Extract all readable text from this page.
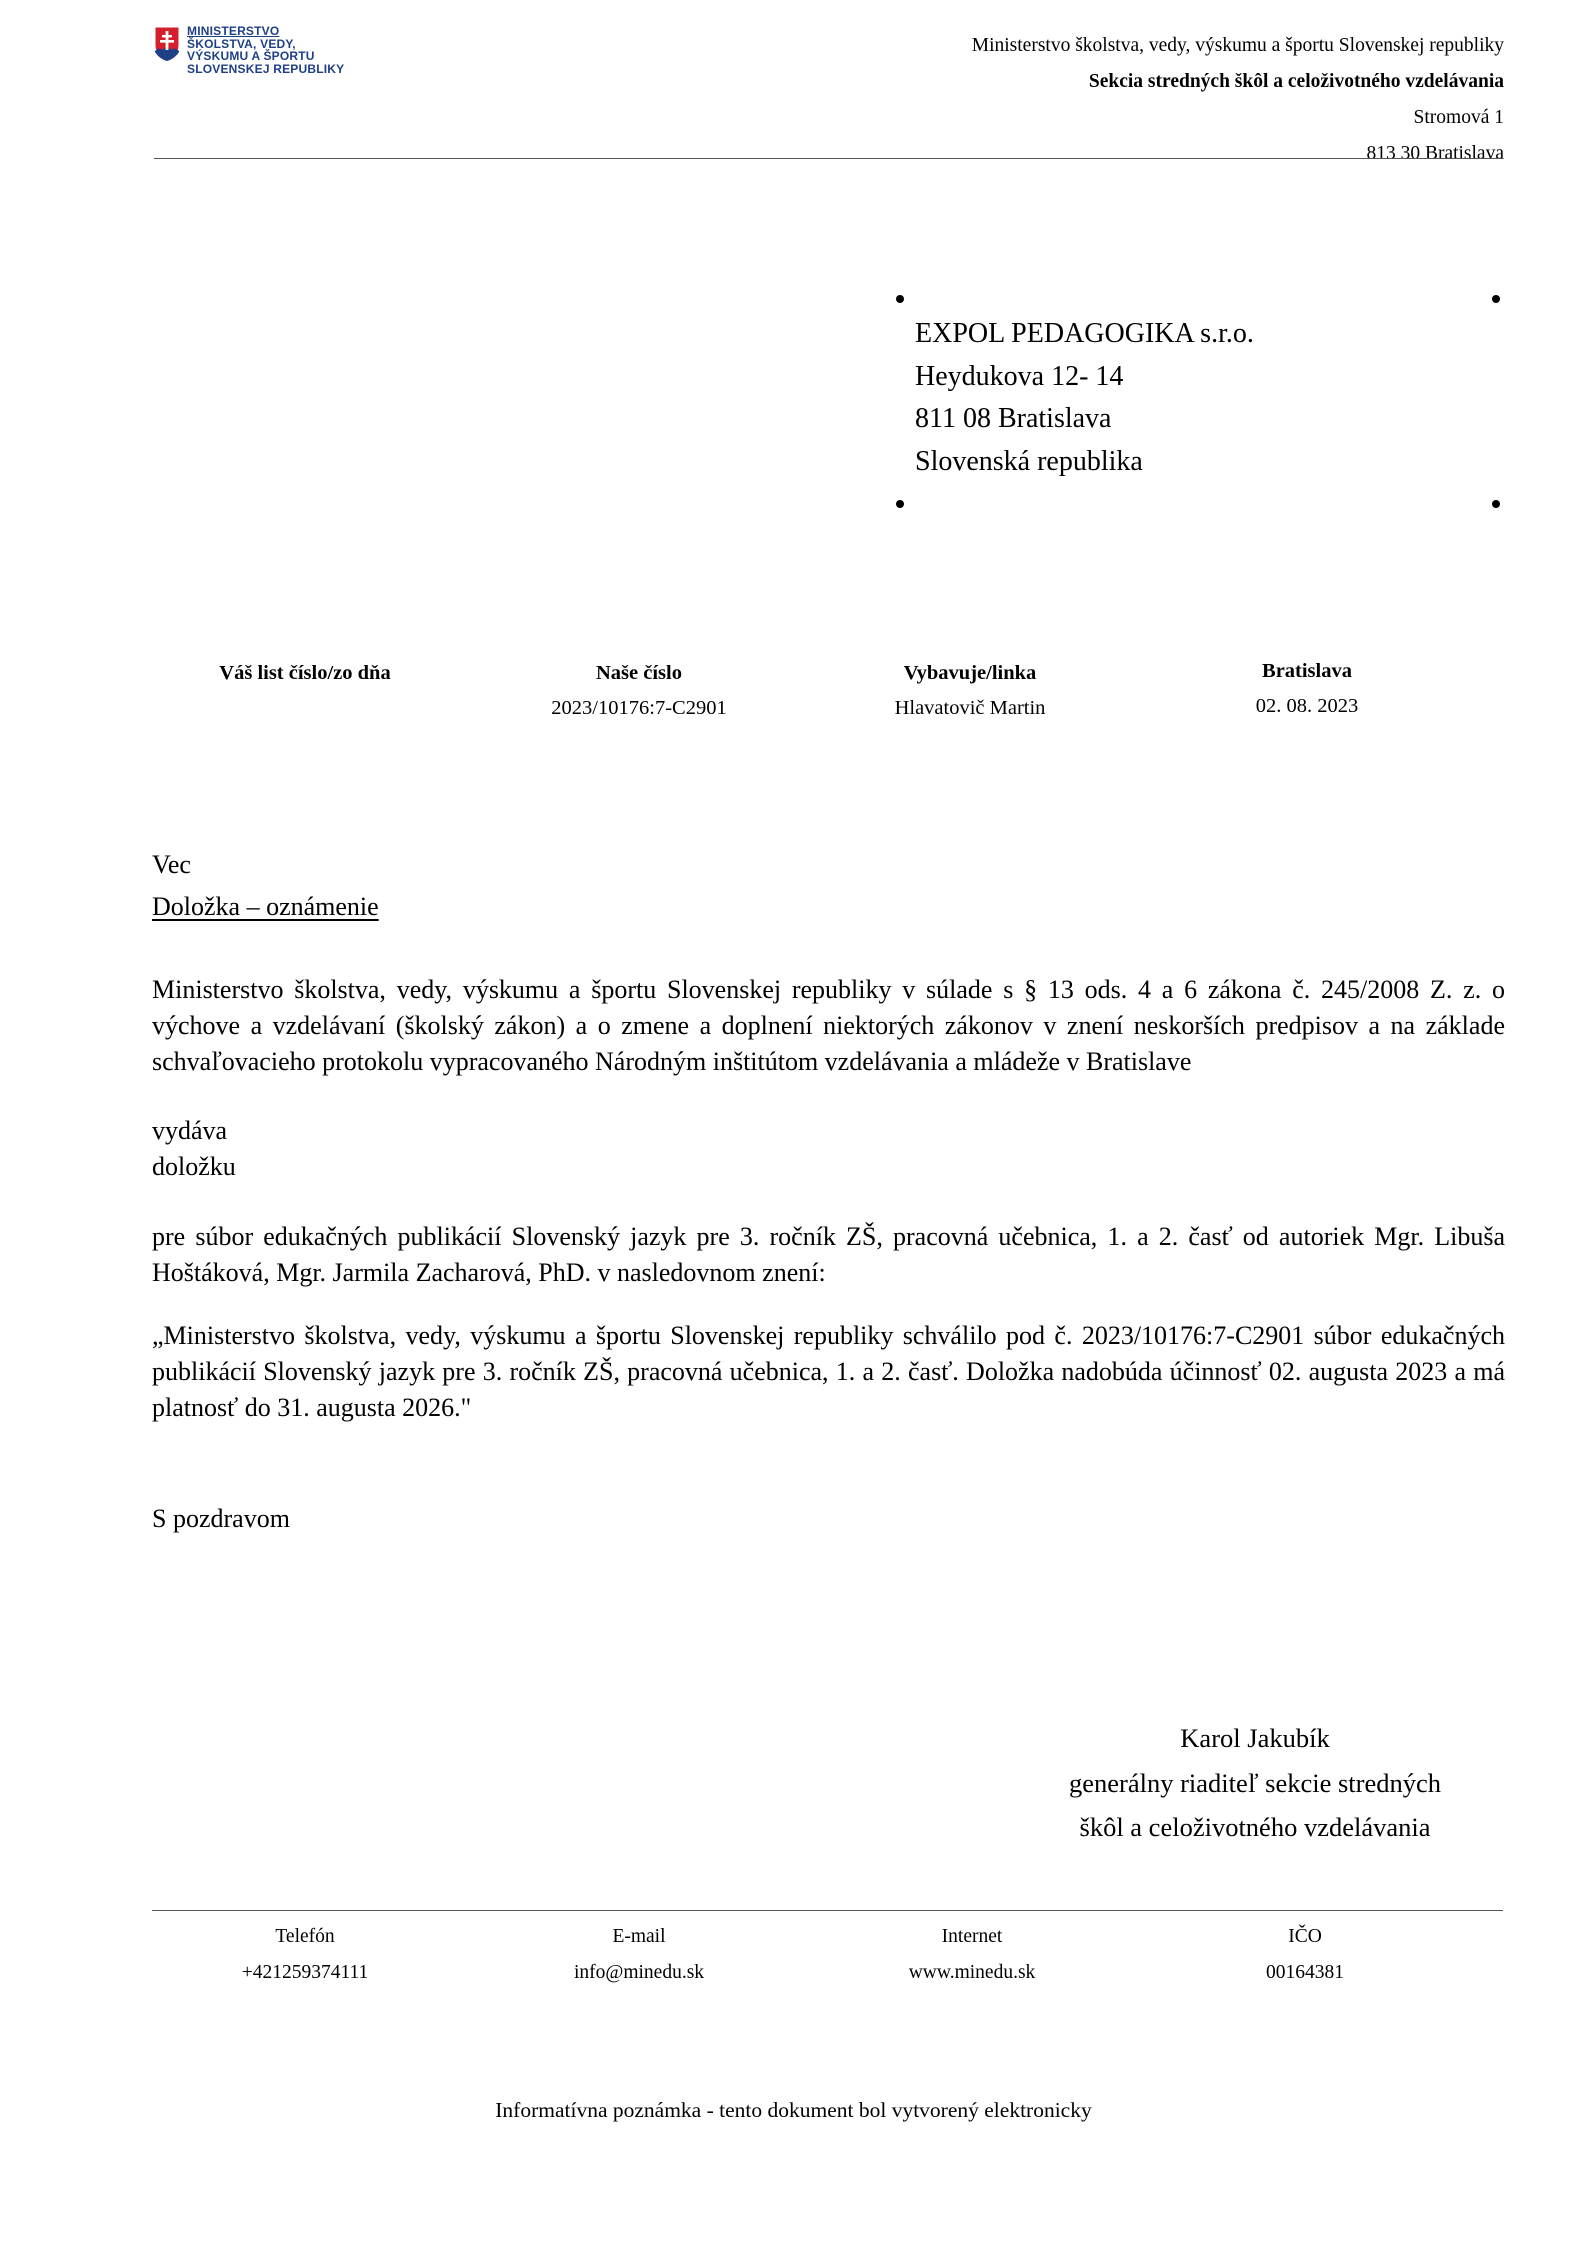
MINISTERSTVO
ŠKOLSTVA, VEDY,
VÝSKUMU A ŠPORTU
SLOVENSKEJ REPUBLIKY
Ministerstvo školstva, vedy, výskumu a športu Slovenskej republiky
Sekcia stredných škôl a celoživotného vzdelávania
Stromová 1
813 30 Bratislava
EXPOL PEDAGOGIKA s.r.o.
Heydukova 12- 14
811 08 Bratislava
Slovenská republika
Váš list číslo/zo dňa	Naše číslo
2023/10176:7-C2901
Vybavuje/linka
Hlavatovič Martin
Bratislava
02. 08. 2023
Vec
Doložka – oznámenie
Ministerstvo školstva, vedy, výskumu a športu Slovenskej republiky v súlade s § 13 ods. 4 a 6 zákona č. 245/2008 Z. z. o výchove a vzdelávaní (školský zákon) a o zmene a doplnení niektorých zákonov v znení neskorších predpisov a na základe schvaľovacieho protokolu vypracovaného Národným inštitútom vzdelávania a mládeže v Bratislave
vydáva
doložku
pre súbor edukačných publikácií Slovenský jazyk pre 3. ročník ZŠ, pracovná učebnica, 1. a 2. časť od autoriek Mgr. Libuša Hoštáková, Mgr. Jarmila Zacharová, PhD. v nasledovnom znení:
„Ministerstvo školstva, vedy, výskumu a športu Slovenskej republiky schválilo pod č. 2023/10176:7-C2901 súbor edukačných publikácií Slovenský jazyk pre 3. ročník ZŠ, pracovná učebnica, 1. a 2. časť. Doložka nadobúda účinnosť 02. augusta 2023 a má platnosť do 31. augusta 2026."
S pozdravom
Karol Jakubík
generálny riaditeľ sekcie stredných
škôl a celoživotného vzdelávania
Telefón
+421259374111
E-mail
info@minedu.sk
Internet
www.minedu.sk
IČO
00164381
Informatívna poznámka - tento dokument bol vytvorený elektronicky
